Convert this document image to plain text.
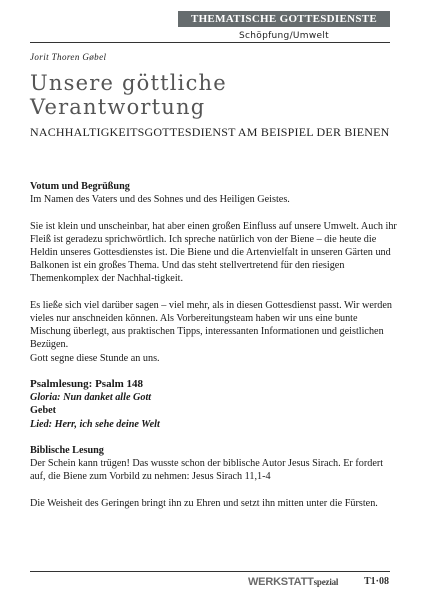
THEMATISCHE GOTTESDIENSTE
Schöpfung/Umwelt
Jorit Thoren Gøbel
Unsere göttliche Verantwortung
NACHHALTIGKEITSGOTTESDIENST AM BEISPIEL DER BIENEN

Votum und Begrüßung

Im Namen des Vaters und des Sohnes und des Heiligen Geistes.

Sie ist klein und unscheinbar, hat aber einen großen Einfluss auf unsere Umwelt. Auch ihr Fleiß ist geradezu sprichwörtlich. Ich spreche natürlich von der Biene – die heute die Heldin unseres Gottesdienstes ist. Die Biene und die Artenvielfalt in unseren Gärten und Balkonen ist ein großes Thema. Und das steht stellvertretend für den riesigen Themenkomplex der Nachhal-tigkeit.

Es ließe sich viel darüber sagen – viel mehr, als in diesen Gottesdienst passt. Wir werden vieles nur anschneiden können. Als Vorbereitungsteam haben wir uns eine bunte Mischung überlegt, aus praktischen Tipps, interessanten Informationen und geistlichen Bezügen.

Gott segne diese Stunde an uns.

Psalmlesung: Psalm 148

Gloria: Nun danket alle Gott

Gebet

Lied: Herr, ich sehe deine Welt

Biblische Lesung

Der Schein kann trügen! Das wusste schon der biblische Autor Jesus Sirach. Er fordert auf, die Biene zum Vorbild zu nehmen: Jesus Sirach 11,1-4

Die Weisheit des Geringen bringt ihn zu Ehren und setzt ihn mitten unter die Fürsten.

WERKSTATTspezial	T1·08
